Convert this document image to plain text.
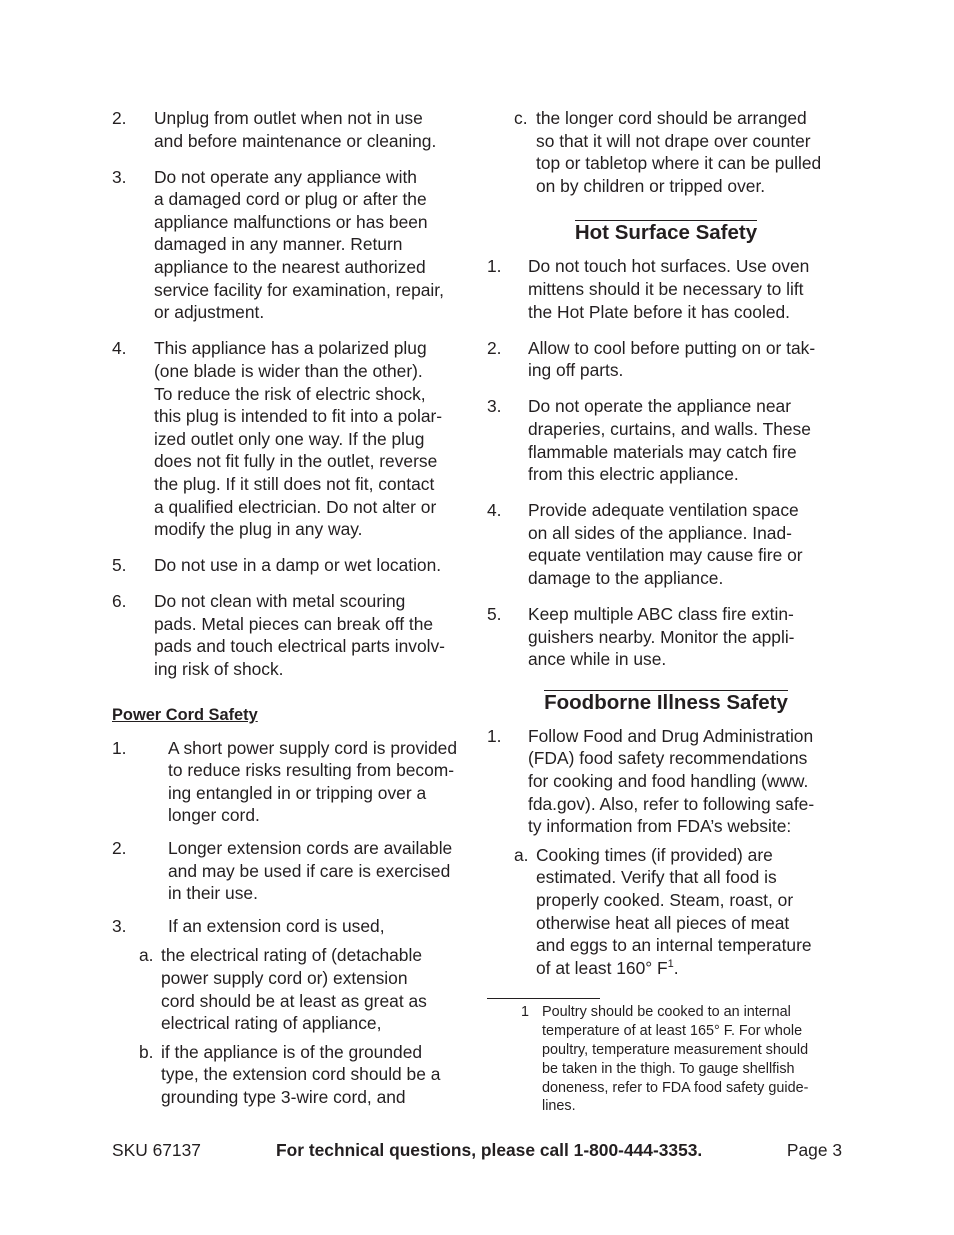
2. Unplug from outlet when not in use
and before maintenance or cleaning.
3. Do not operate any appliance with
a damaged cord or plug or after the
appliance malfunctions or has been
damaged in any manner. Return
appliance to the nearest authorized
service facility for examination, repair,
or adjustment.
4. This appliance has a polarized plug
(one blade is wider than the other).
To reduce the risk of electric shock,
this plug is intended to fit into a polar-
ized outlet only one way. If the plug
does not fit fully in the outlet, reverse
the plug. If it still does not fit, contact
a qualified electrician. Do not alter or
modify the plug in any way.
5. Do not use in a damp or wet location.
6. Do not clean with metal scouring
pads. Metal pieces can break off the
pads and touch electrical parts involv-
ing risk of shock.
Power Cord Safety
1. A short power supply cord is provided
to reduce risks resulting from becom-
ing entangled in or tripping over a
longer cord.
2. Longer extension cords are available
and may be used if care is exercised
in their use.
3. If an extension cord is used,
a. the electrical rating of (detachable
power supply cord or) extension
cord should be at least as great as
electrical rating of appliance,
b. if the appliance is of the grounded
type, the extension cord should be a
grounding type 3-wire cord, and
c. the longer cord should be arranged
so that it will not drape over counter
top or tabletop where it can be pulled
on by children or tripped over.
Hot Surface Safety
1. Do not touch hot surfaces. Use oven
mittens should it be necessary to lift
the Hot Plate before it has cooled.
2. Allow to cool before putting on or tak-
ing off parts.
3. Do not operate the appliance near
draperies, curtains, and walls. These
flammable materials may catch fire
from this electric appliance.
4. Provide adequate ventilation space
on all sides of the appliance. Inad-
equate ventilation may cause fire or
damage to the appliance.
5. Keep multiple ABC class fire extin-
guishers nearby. Monitor the appli-
ance while in use.
Foodborne Illness Safety
1. Follow Food and Drug Administration
(FDA) food safety recommendations
for cooking and food handling (www.
fda.gov). Also, refer to following safe-
ty information from FDA’s website:
a. Cooking times (if provided) are
estimated. Verify that all food is
properly cooked. Steam, roast, or
otherwise heat all pieces of meat
and eggs to an internal temperature
of at least 160° $F^1$.
1 Poultry should be cooked to an internal
temperature of at least 165° F. For whole
poultry, temperature measurement should
be taken in the thigh. To gauge shellfish
doneness, refer to FDA food safety guide-
lines.
SKU 67137	For technical questions, please call 1-800-444-3353.	Page 3
